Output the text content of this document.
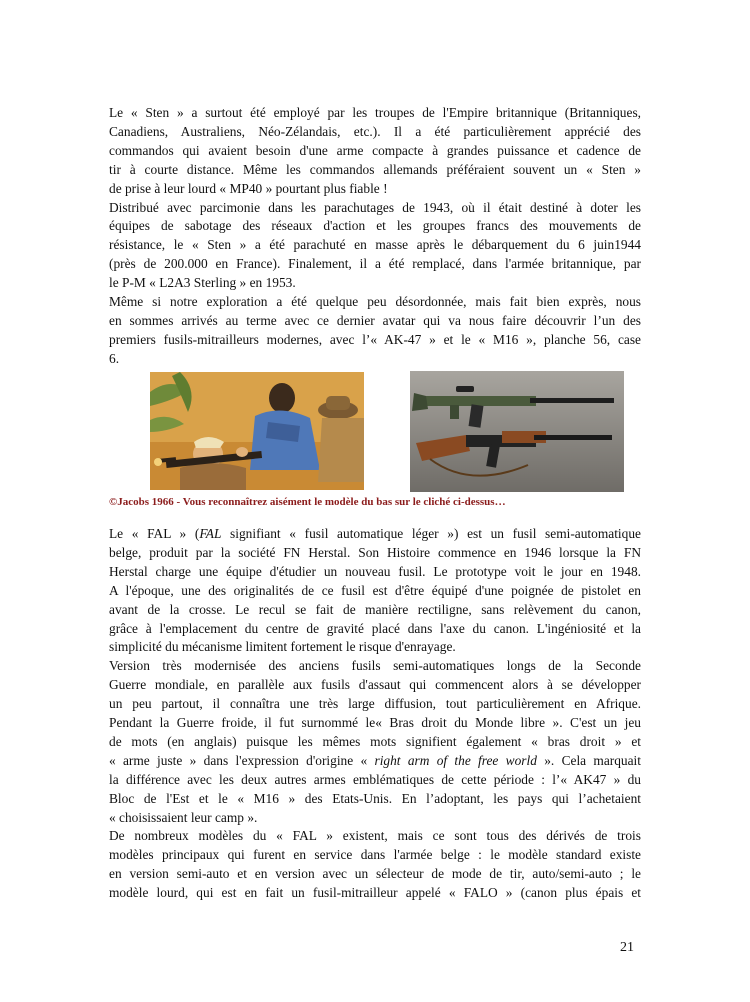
Le « Sten » a surtout été employé par les troupes de l'Empire britannique (Britanniques,
Canadiens, Australiens, Néo-Zélandais, etc.). Il a été particulièrement apprécié des
commandos qui avaient besoin d'une arme compacte à grandes puissance et cadence de
tir à courte distance. Même les commandos allemands préféraient souvent un « Sten »
de prise à leur lourd « MP40 » pourtant plus fiable !

Distribué avec parcimonie dans les parachutages de 1943, où il était destiné à doter les
équipes de sabotage des réseaux d'action et les groupes francs des mouvements de
résistance, le « Sten » a été parachuté en masse après le débarquement du 6 juin1944
(près de 200.000 en France). Finalement, il a été remplacé, dans l'armée britannique, par
le P-M « L2A3 Sterling » en 1953.

Même si notre exploration a été quelque peu désordonnée, mais fait bien exprès, nous
en sommes arrivés au terme avec ce dernier avatar qui va nous faire découvrir l’un des
premiers fusils-mitrailleurs modernes, avec l’« AK-47 » et le « M16 », planche 56, case
6.

©Jacobs 1966 - Vous reconnaîtrez aisément le modèle du bas sur le cliché ci-dessus…

Le « FAL » (FAL signifiant « fusil automatique léger ») est un fusil semi-automatique
belge, produit par la société FN Herstal. Son Histoire commence en 1946 lorsque la FN
Herstal charge une équipe d'étudier un nouveau fusil. Le prototype voit le jour en 1948.
A l'époque, une des originalités de ce fusil est d'être équipé d'une poignée de pistolet en
avant de la crosse. Le recul se fait de manière rectiligne, sans relèvement du canon,
grâce à l'emplacement du centre de gravité placé dans l'axe du canon. L'ingéniosité et la
simplicité du mécanisme limitent fortement le risque d'enrayage.

Version très modernisée des anciens fusils semi-automatiques longs de la Seconde
Guerre mondiale, en parallèle aux fusils d'assaut qui commencent alors à se développer
un peu partout, il connaîtra une très large diffusion, tout particulièrement en Afrique.
Pendant la Guerre froide, il fut surnommé le« Bras droit du Monde libre ». C'est un jeu
de mots (en anglais) puisque les mêmes mots signifient également « bras droit » et
« arme juste » dans l'expression d'origine « right arm of the free world ». Cela marquait
la différence avec les deux autres armes emblématiques de cette période : l’« AK47 » du
Bloc de l'Est et le « M16 » des Etats-Unis. En l’adoptant, les pays qui l’achetaient
« choisissaient leur camp ».

De nombreux modèles du « FAL » existent, mais ce sont tous des dérivés de trois
modèles principaux qui furent en service dans l'armée belge : le modèle standard existe
en version semi-auto et en version avec un sélecteur de mode de tir, auto/semi-auto ; le
modèle lourd, qui est en fait un fusil-mitrailleur appelé « FALO » (canon plus épais et

21
